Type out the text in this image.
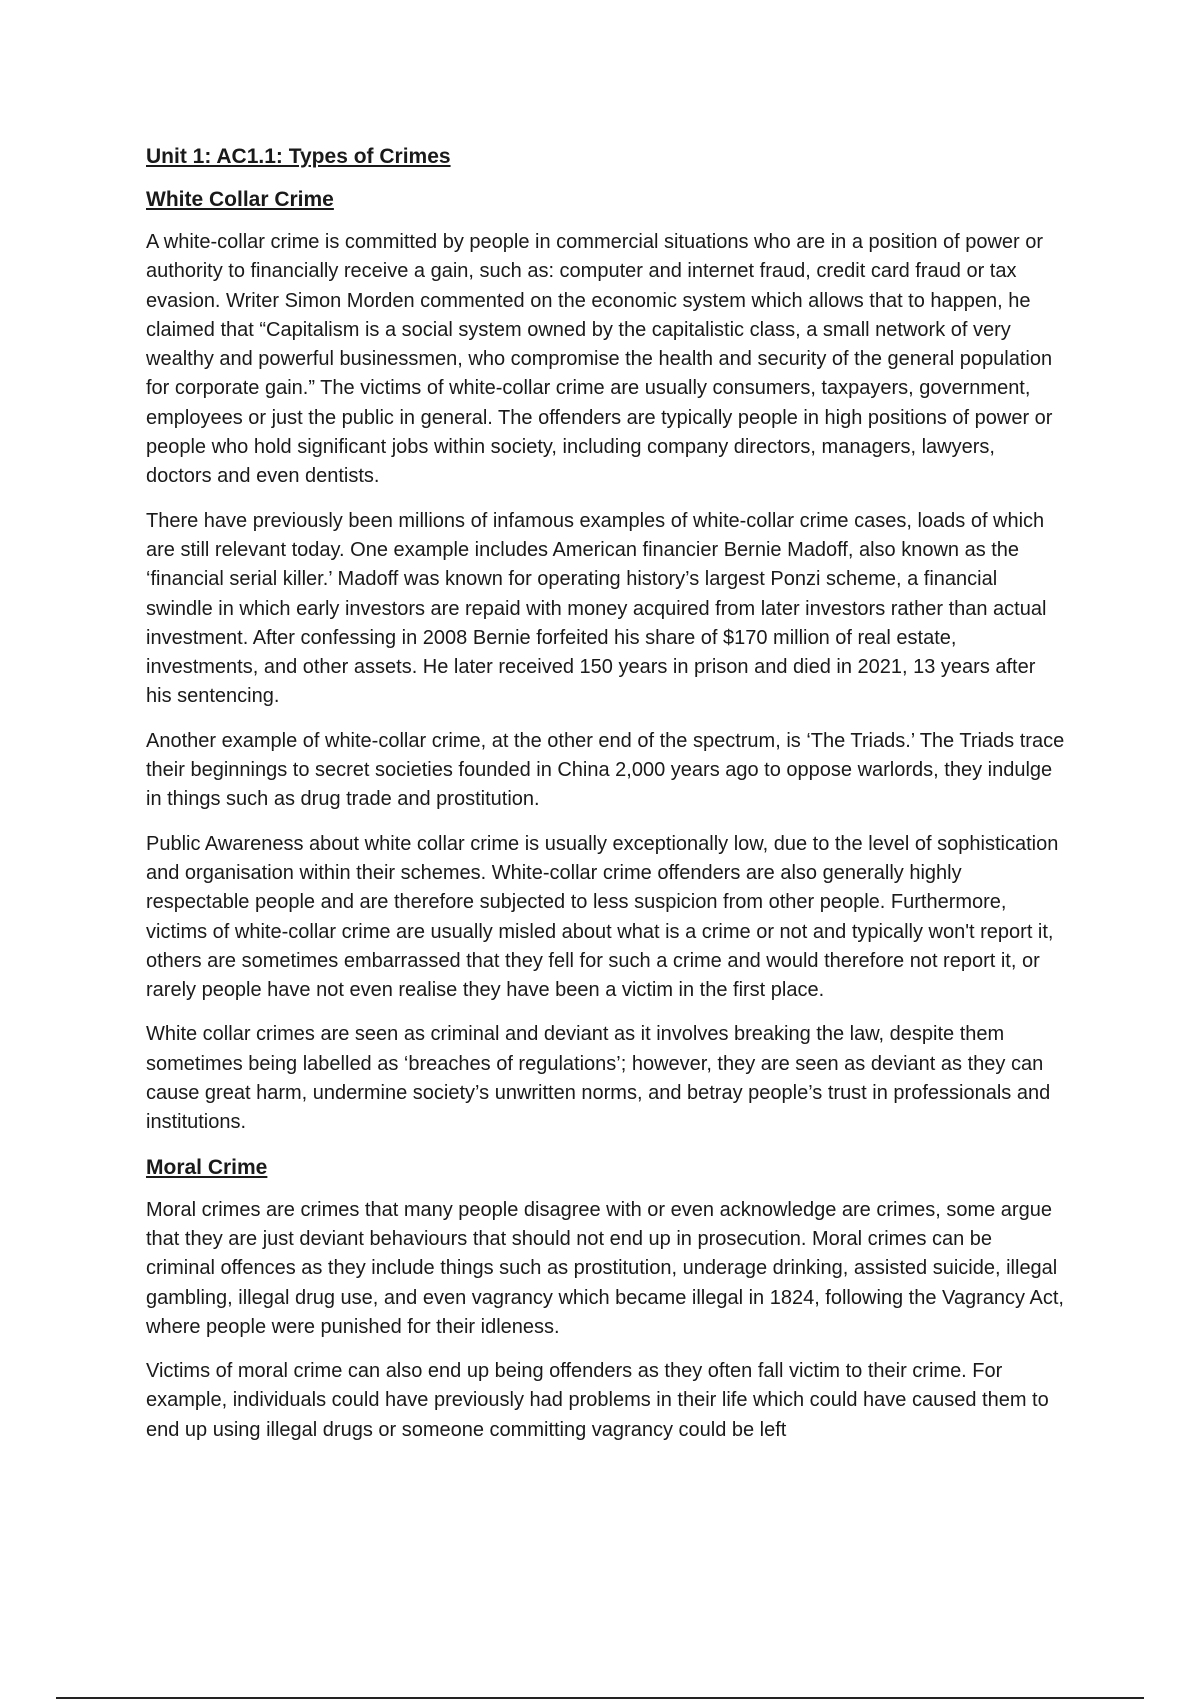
Unit 1: AC1.1: Types of Crimes
White Collar Crime

A white-collar crime is committed by people in commercial situations who are in a position of power or authority to financially receive a gain, such as: computer and internet fraud, credit card fraud or tax evasion. Writer Simon Morden commented on the economic system which allows that to happen, he claimed that “Capitalism is a social system owned by the capitalistic class, a small network of very wealthy and powerful businessmen, who compromise the health and security of the general population for corporate gain.” The victims of white-collar crime are usually consumers, taxpayers, government, employees or just the public in general. The offenders are typically people in high positions of power or people who hold significant jobs within society, including company directors, managers, lawyers, doctors and even dentists.

There have previously been millions of infamous examples of white-collar crime cases, loads of which are still relevant today. One example includes American financier Bernie Madoff, also known as the ‘financial serial killer.’ Madoff was known for operating history’s largest Ponzi scheme, a financial swindle in which early investors are repaid with money acquired from later investors rather than actual investment. After confessing in 2008 Bernie forfeited his share of $170 million of real estate, investments, and other assets. He later received 150 years in prison and died in 2021, 13 years after his sentencing.

Another example of white-collar crime, at the other end of the spectrum, is ‘The Triads.’ The Triads trace their beginnings to secret societies founded in China 2,000 years ago to oppose warlords, they indulge in things such as drug trade and prostitution.

Public Awareness about white collar crime is usually exceptionally low, due to the level of sophistication and organisation within their schemes. White-collar crime offenders are also generally highly respectable people and are therefore subjected to less suspicion from other people. Furthermore, victims of white-collar crime are usually misled about what is a crime or not and typically won't report it, others are sometimes embarrassed that they fell for such a crime and would therefore not report it, or rarely people have not even realise they have been a victim in the first place.

White collar crimes are seen as criminal and deviant as it involves breaking the law, despite them sometimes being labelled as ‘breaches of regulations’; however, they are seen as deviant as they can cause great harm, undermine society’s unwritten norms, and betray people’s trust in professionals and institutions.

Moral Crime

Moral crimes are crimes that many people disagree with or even acknowledge are crimes, some argue that they are just deviant behaviours that should not end up in prosecution. Moral crimes can be criminal offences as they include things such as prostitution, underage drinking, assisted suicide, illegal gambling, illegal drug use, and even vagrancy which became illegal in 1824, following the Vagrancy Act, where people were punished for their idleness.

Victims of moral crime can also end up being offenders as they often fall victim to their crime. For example, individuals could have previously had problems in their life which could have caused them to end up using illegal drugs or someone committing vagrancy could be left
